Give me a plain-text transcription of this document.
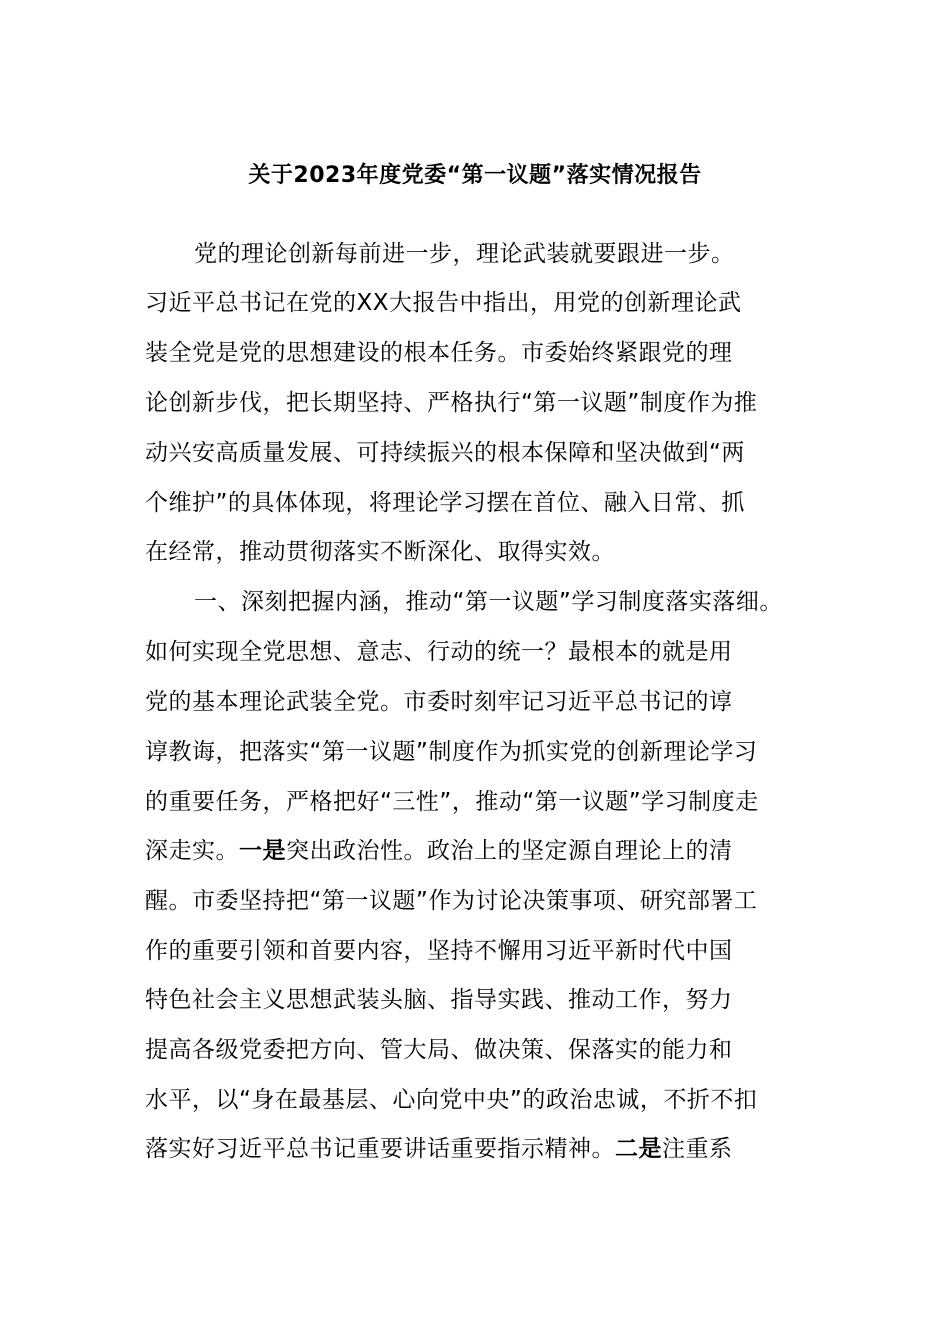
关于2023年度党委“第一议题”落实情况报告
党的理论创新每前进一步，理论武装就要跟进一步。
习近平总书记在党的XX大报告中指出，用党的创新理论武
装全党是党的思想建设的根本任务。市委始终紧跟党的理
论创新步伐，把长期坚持、严格执行“第一议题”制度作为推
动兴安高质量发展、可持续振兴的根本保障和坚决做到“两
个维护”的具体体现，将理论学习摆在首位、融入日常、抓
在经常，推动贯彻落实不断深化、取得实效。
一、深刻把握内涵，推动“第一议题”学习制度落实落细。
如何实现全党思想、意志、行动的统一？最根本的就是用
党的基本理论武装全党。市委时刻牢记习近平总书记的谆
谆教诲，把落实“第一议题”制度作为抓实党的创新理论学习
的重要任务，严格把好“三性”，推动“第一议题”学习制度走
深走实。一是突出政治性。政治上的坚定源自理论上的清
醒。市委坚持把“第一议题”作为讨论决策事项、研究部署工
作的重要引领和首要内容，坚持不懈用习近平新时代中国
特色社会主义思想武装头脑、指导实践、推动工作，努力
提高各级党委把方向、管大局、做决策、保落实的能力和
水平，以“身在最基层、心向党中央”的政治忠诚，不折不扣
落实好习近平总书记重要讲话重要指示精神。二是注重系
